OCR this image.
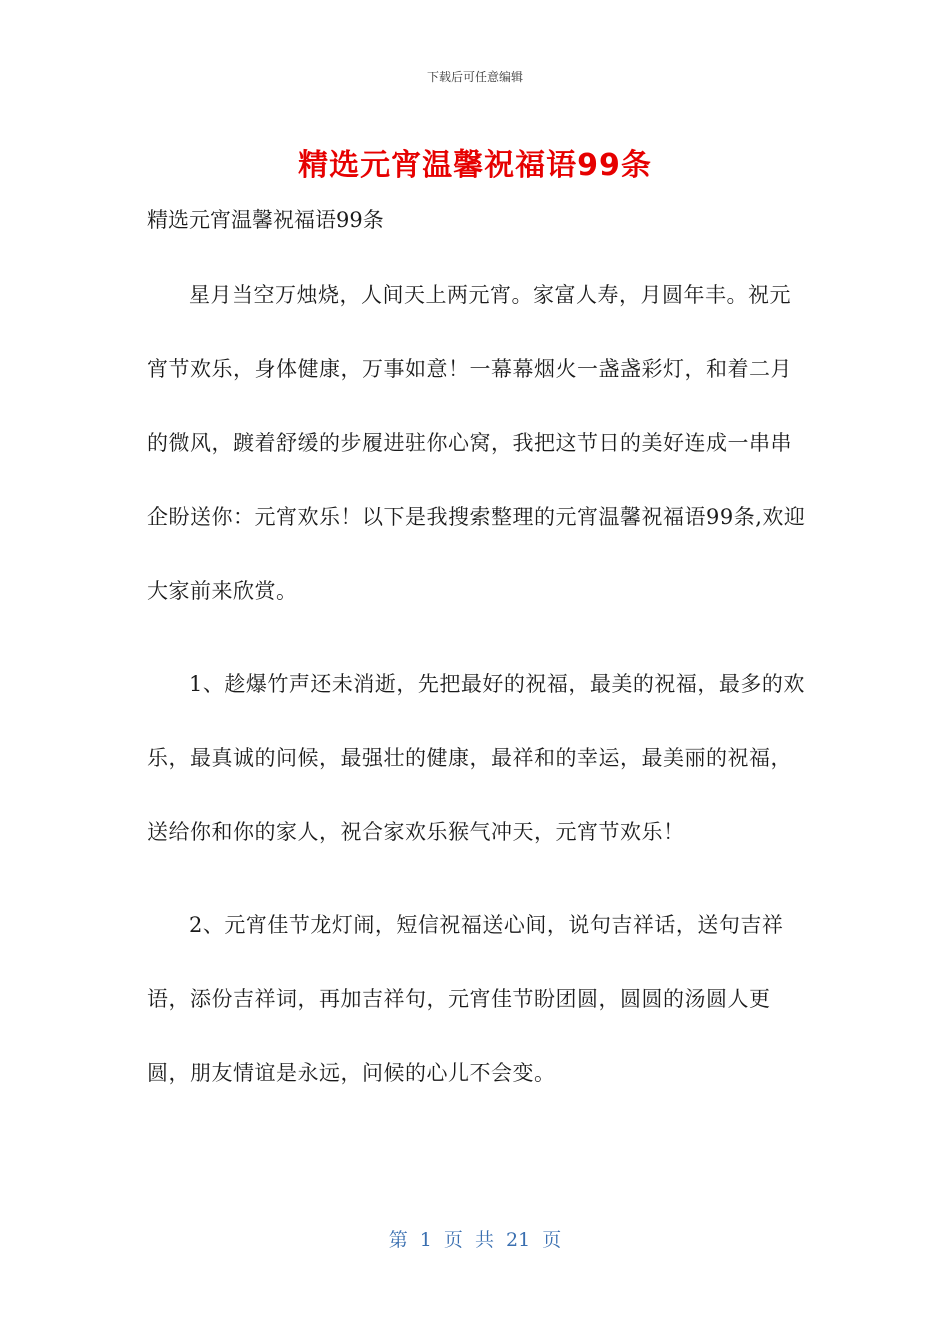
下载后可任意编辑
精选元宵温馨祝福语99条

精选元宵温馨祝福语99条

星月当空万烛烧，人间天上两元宵。家富人寿，月圆年丰。祝元宵节欢乐，身体健康，万事如意！一幕幕烟火一盏盏彩灯，和着二月的微风，踱着舒缓的步履进驻你心窝，我把这节日的美好连成一串串企盼送你：元宵欢乐！以下是我搜索整理的元宵温馨祝福语99条,欢迎大家前来欣赏。

1、趁爆竹声还未消逝，先把最好的祝福，最美的祝福，最多的欢乐，最真诚的问候，最强壮的健康，最祥和的幸运，最美丽的祝福，送给你和你的家人，祝合家欢乐猴气冲天，元宵节欢乐！

2、元宵佳节龙灯闹，短信祝福送心间，说句吉祥话，送句吉祥语，添份吉祥词，再加吉祥句，元宵佳节盼团圆，圆圆的汤圆人更圆，朋友情谊是永远，问候的心儿不会变。

第 1 页 共 21 页
